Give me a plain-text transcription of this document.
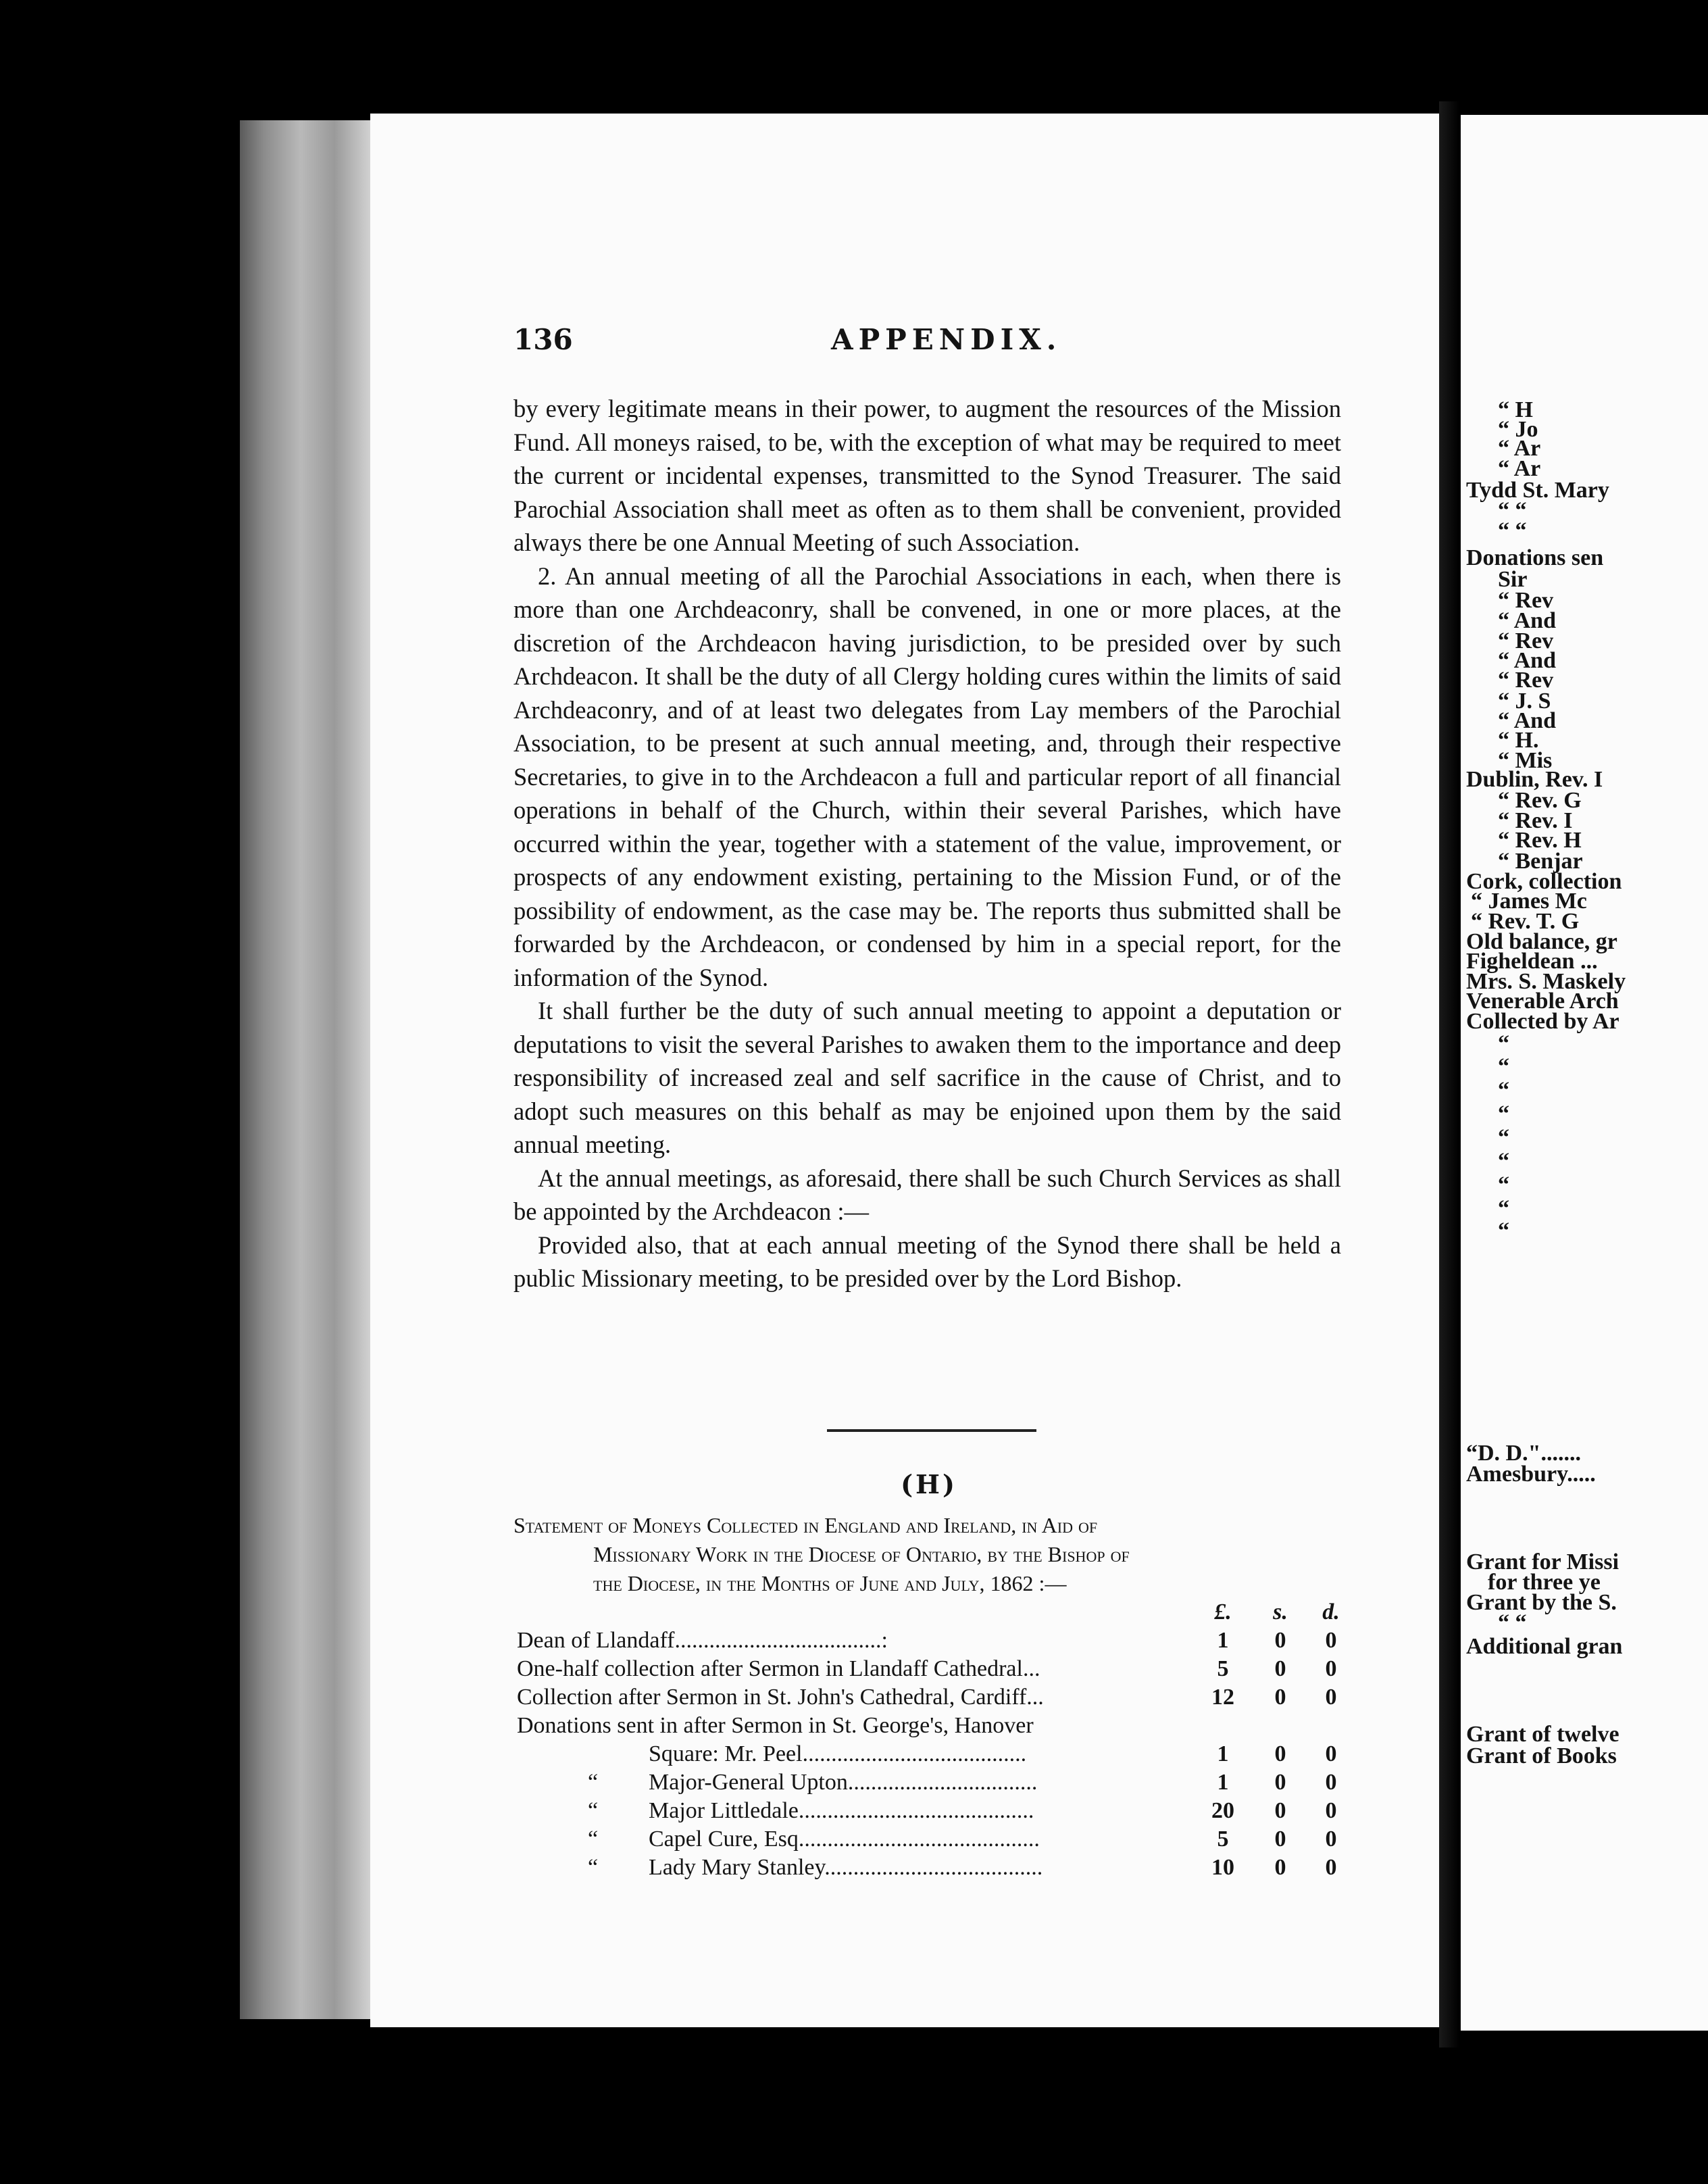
“ H
“ Jo
“ Ar
“ Ar
Tydd St. Mary
“ “
“ “
Donations sen
Sir
“ Rev
“ And
“ Rev
“ And
“ Rev
“ J. S
“ And
“ H.
“ Mis
Dublin, Rev. I
“ Rev. G
“ Rev. I
“ Rev. H
“ Benjar
Cork, collection
“ James Mc
“ Rev. T. G
Old balance, gr
Figheldean ...
Mrs. S. Maskely
Venerable Arch
Collected by Ar
“
“
“
“
“
“
“
“
“
“D. D.".......
Amesbury.....
Grant for Missi
for three ye
Grant by the S.
“ “
Additional gran
Grant of twelve
Grant of Books
136	APPENDIX.

by every legitimate means in their power, to augment the resources of the Mission Fund. All moneys raised, to be, with the exception of what may be required to meet the current or incidental expenses, transmitted to the Synod Treasurer. The said Parochial Association shall meet as often as to them shall be convenient, provided always there be one Annual Meeting of such Association.

2. An annual meeting of all the Parochial Associations in each, when there is more than one Archdeaconry, shall be convened, in one or more places, at the discretion of the Archdeacon having jurisdiction, to be presided over by such Archdeacon. It shall be the duty of all Clergy holding cures within the limits of said Archdeaconry, and of at least two delegates from Lay members of the Parochial Association, to be present at such annual meeting, and, through their respective Secretaries, to give in to the Archdeacon a full and particular report of all financial operations in behalf of the Church, within their several Parishes, which have occurred within the year, together with a statement of the value, improvement, or prospects of any endowment existing, pertaining to the Mission Fund, or of the possibility of endowment, as the case may be. The reports thus submitted shall be forwarded by the Archdeacon, or condensed by him in a special report, for the information of the Synod.

It shall further be the duty of such annual meeting to appoint a deputation or deputations to visit the several Parishes to awaken them to the importance and deep responsibility of increased zeal and self sacrifice in the cause of Christ, and to adopt such measures on this behalf as may be enjoined upon them by the said annual meeting.

At the annual meetings, as aforesaid, there shall be such Church Services as shall be appointed by the Archdeacon :—

Provided also, that at each annual meeting of the Synod there shall be held a public Missionary meeting, to be presided over by the Lord Bishop.

(H)
Statement of Moneys Collected in England and Ireland, in Aid of
Missionary Work in the Diocese of Ontario, by the Bishop of
the Diocese, in the Months of June and July, 1862 :—
£.	s.	d.
Dean of Llandaff....................................:	1	0	0
One-half collection after Sermon in Llandaff Cathedral...	5	0	0
Collection after Sermon in St. John's Cathedral, Cardiff...	12	0	0
Donations sent in after Sermon in St. George's, Hanover
Square: Mr. Peel.......................................	1	0	0
“ Major-General Upton.................................	1	0	0
“ Major Littledale.........................................	20	0	0
“ Capel Cure, Esq..........................................	5	0	0
“ Lady Mary Stanley......................................	10	0	0
